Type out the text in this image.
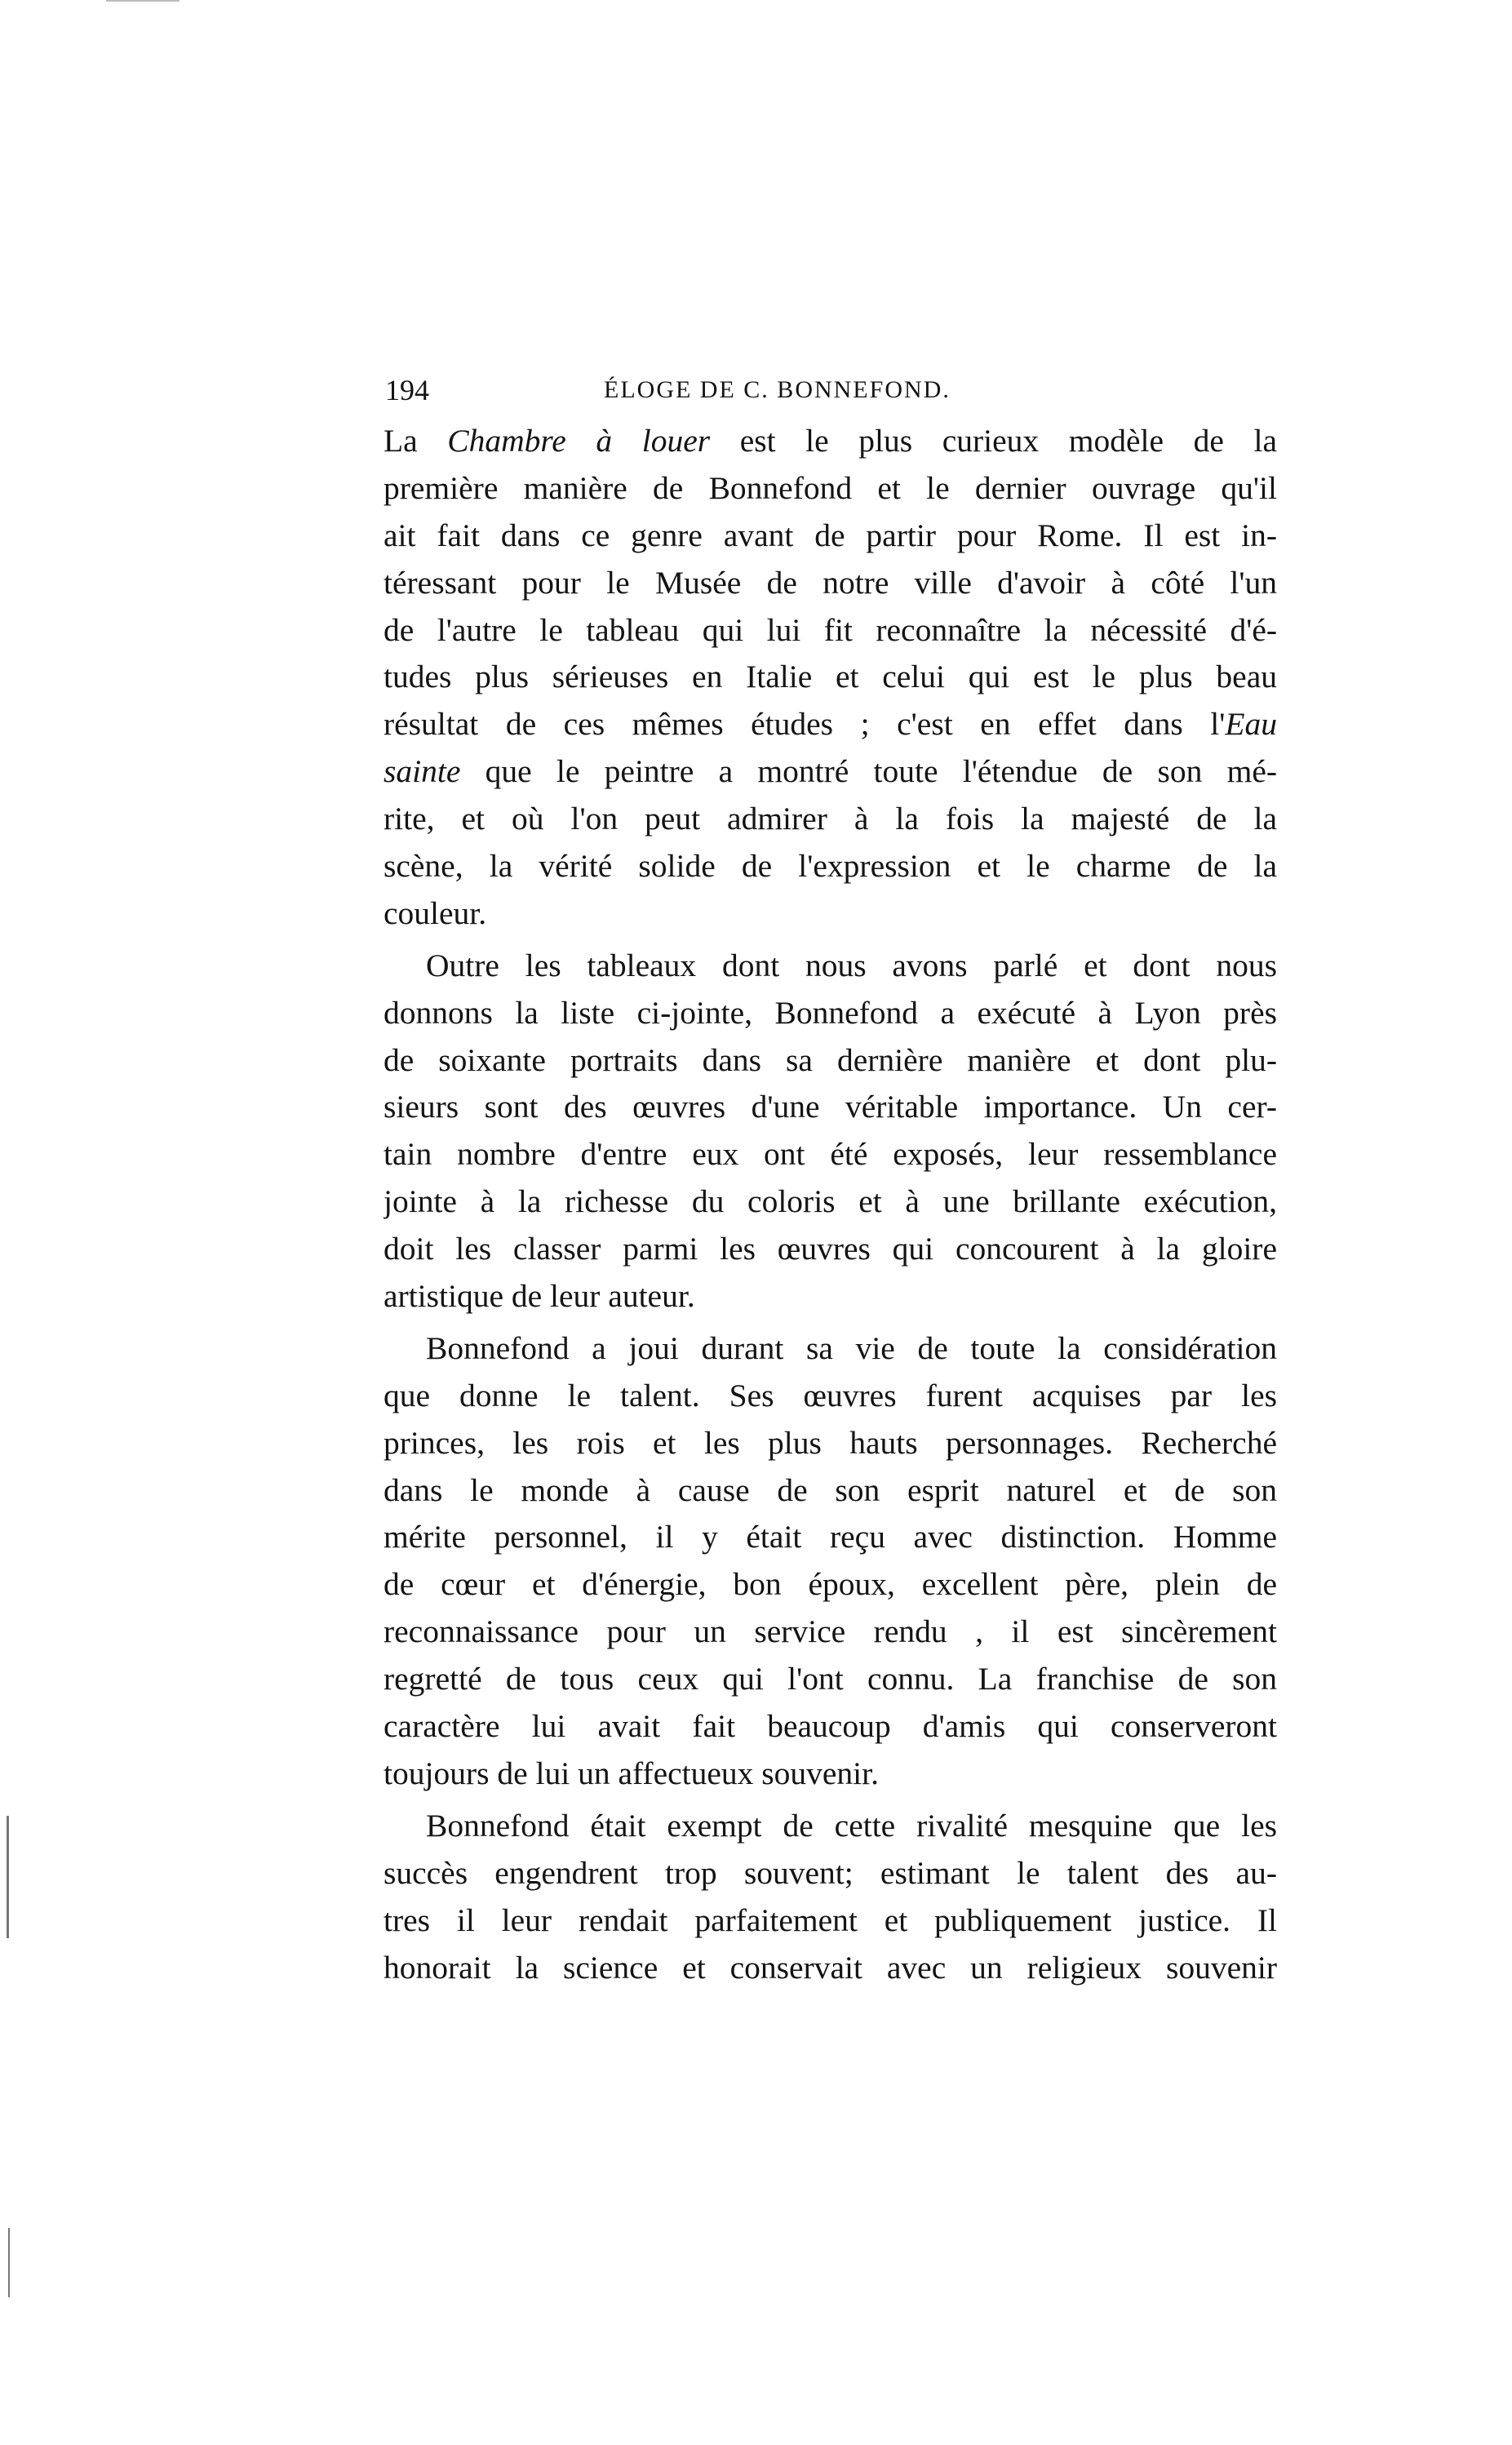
194	ÉLOGE DE C. BONNEFOND.
La Chambre à louer est le plus curieux modèle de la
première manière de Bonnefond et le dernier ouvrage qu'il
ait fait dans ce genre avant de partir pour Rome. Il est in-
téressant pour le Musée de notre ville d'avoir à côté l'un
de l'autre le tableau qui lui fit reconnaître la nécessité d'é-
tudes plus sérieuses en Italie et celui qui est le plus beau
résultat de ces mêmes études ; c'est en effet dans l'Eau
sainte que le peintre a montré toute l'étendue de son mé-
rite, et où l'on peut admirer à la fois la majesté de la
scène, la vérité solide de l'expression et le charme de la
couleur.
Outre les tableaux dont nous avons parlé et dont nous
donnons la liste ci-jointe, Bonnefond a exécuté à Lyon près
de soixante portraits dans sa dernière manière et dont plu-
sieurs sont des œuvres d'une véritable importance. Un cer-
tain nombre d'entre eux ont été exposés, leur ressemblance
jointe à la richesse du coloris et à une brillante exécution,
doit les classer parmi les œuvres qui concourent à la gloire
artistique de leur auteur.
Bonnefond a joui durant sa vie de toute la considération
que donne le talent. Ses œuvres furent acquises par les
princes, les rois et les plus hauts personnages. Recherché
dans le monde à cause de son esprit naturel et de son
mérite personnel, il y était reçu avec distinction. Homme
de cœur et d'énergie, bon époux, excellent père, plein de
reconnaissance pour un service rendu , il est sincèrement
regretté de tous ceux qui l'ont connu. La franchise de son
caractère lui avait fait beaucoup d'amis qui conserveront
toujours de lui un affectueux souvenir.
Bonnefond était exempt de cette rivalité mesquine que les
succès engendrent trop souvent; estimant le talent des au-
tres il leur rendait parfaitement et publiquement justice. Il
honorait la science et conservait avec un religieux souvenir
